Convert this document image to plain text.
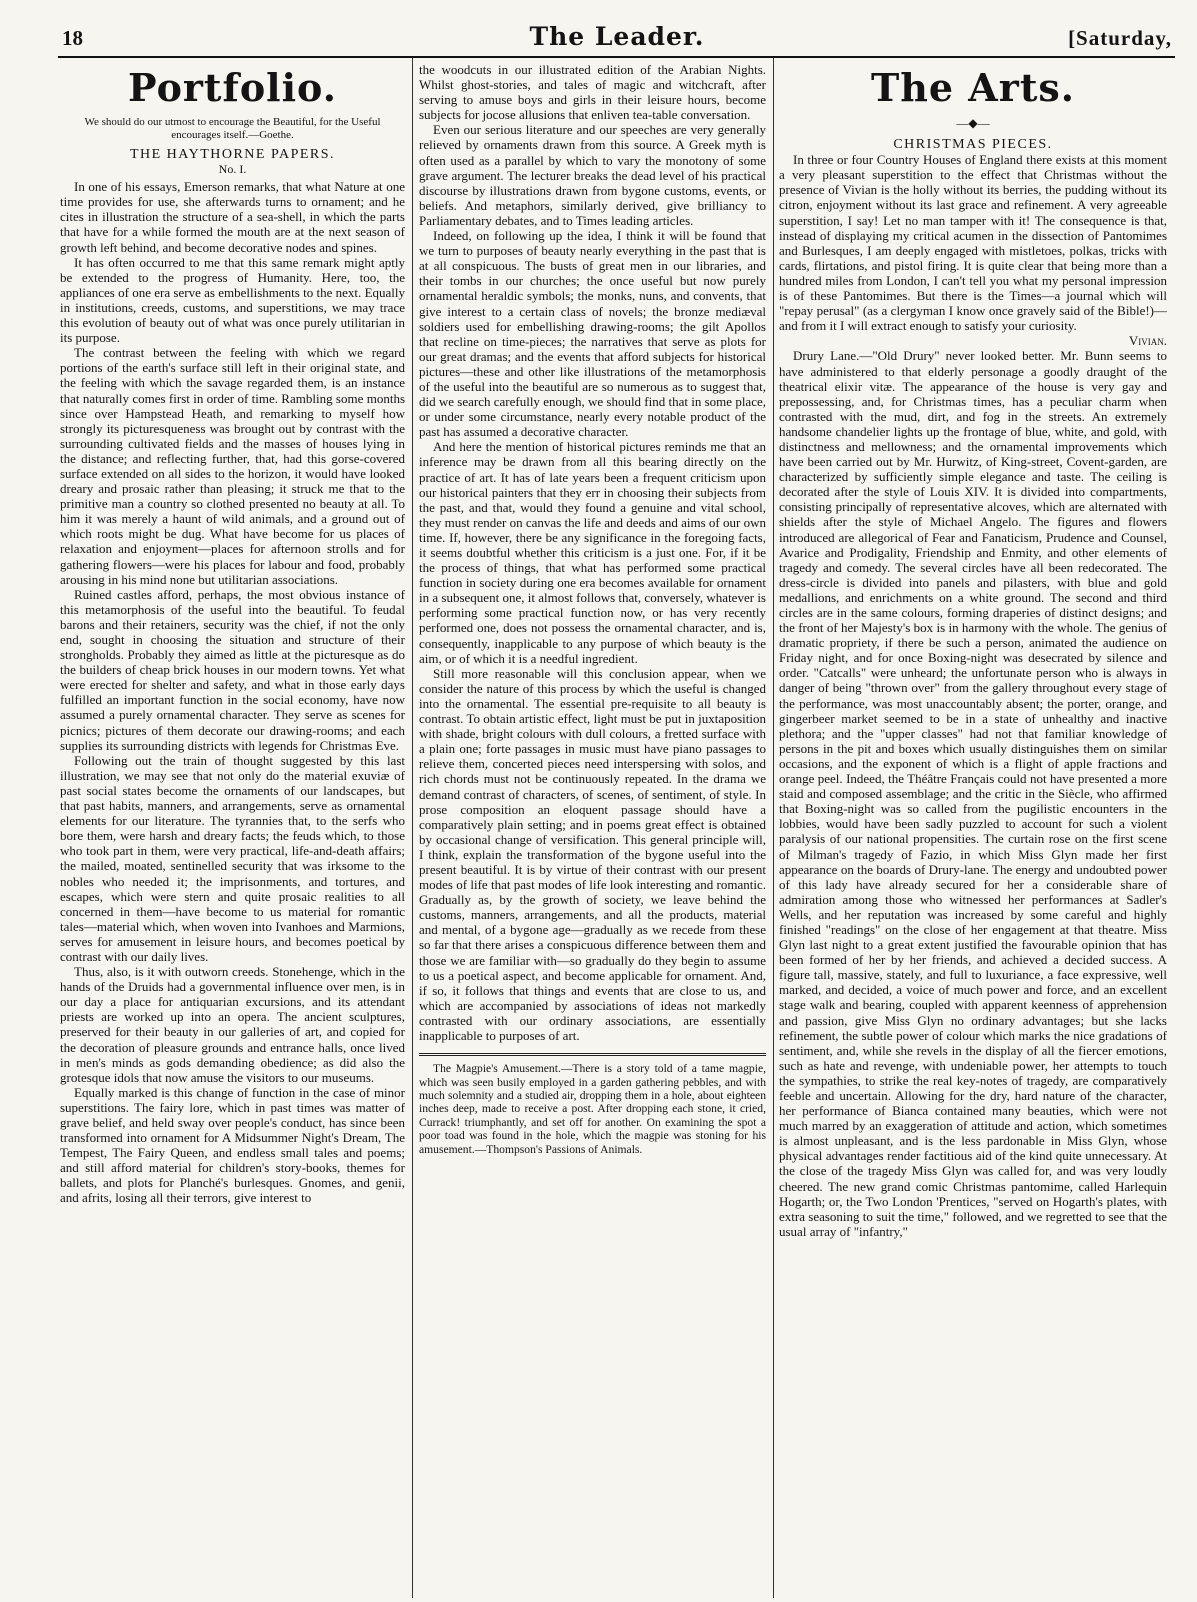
18	The Leader.	[Saturday,
Portfolio.
We should do our utmost to encourage the Beautiful, for the Useful encourages itself.—Goethe.
THE HAYTHORNE PAPERS.
No. I.

In one of his essays, Emerson remarks, that what Nature at one time provides for use, she afterwards turns to ornament; and he cites in illustration the structure of a sea-shell, in which the parts that have for a while formed the mouth are at the next season of growth left behind, and become decorative nodes and spines.

It has often occurred to me that this same remark might aptly be extended to the progress of Humanity. Here, too, the appliances of one era serve as embellishments to the next. Equally in institutions, creeds, customs, and superstitions, we may trace this evolution of beauty out of what was once purely utilitarian in its purpose.

The contrast between the feeling with which we regard portions of the earth's surface still left in their original state, and the feeling with which the savage regarded them, is an instance that naturally comes first in order of time. Rambling some months since over Hampstead Heath, and remarking to myself how strongly its picturesqueness was brought out by contrast with the surrounding cultivated fields and the masses of houses lying in the distance; and reflecting further, that, had this gorse-covered surface extended on all sides to the horizon, it would have looked dreary and prosaic rather than pleasing; it struck me that to the primitive man a country so clothed presented no beauty at all. To him it was merely a haunt of wild animals, and a ground out of which roots might be dug. What have become for us places of relaxation and enjoyment—places for afternoon strolls and for gathering flowers—were his places for labour and food, probably arousing in his mind none but utilitarian associations.

Ruined castles afford, perhaps, the most obvious instance of this metamorphosis of the useful into the beautiful. To feudal barons and their retainers, security was the chief, if not the only end, sought in choosing the situation and structure of their strongholds. Probably they aimed as little at the picturesque as do the builders of cheap brick houses in our modern towns. Yet what were erected for shelter and safety, and what in those early days fulfilled an important function in the social economy, have now assumed a purely ornamental character. They serve as scenes for picnics; pictures of them decorate our drawing-rooms; and each supplies its surrounding districts with legends for Christmas Eve.

Following out the train of thought suggested by this last illustration, we may see that not only do the material exuviæ of past social states become the ornaments of our landscapes, but that past habits, manners, and arrangements, serve as ornamental elements for our literature. The tyrannies that, to the serfs who bore them, were harsh and dreary facts; the feuds which, to those who took part in them, were very practical, life-and-death affairs; the mailed, moated, sentinelled security that was irksome to the nobles who needed it; the imprisonments, and tortures, and escapes, which were stern and quite prosaic realities to all concerned in them—have become to us material for romantic tales—material which, when woven into Ivanhoes and Marmions, serves for amusement in leisure hours, and becomes poetical by contrast with our daily lives.

Thus, also, is it with outworn creeds. Stonehenge, which in the hands of the Druids had a governmental influence over men, is in our day a place for antiquarian excursions, and its attendant priests are worked up into an opera. The ancient sculptures, preserved for their beauty in our galleries of art, and copied for the decoration of pleasure grounds and entrance halls, once lived in men's minds as gods demanding obedience; as did also the grotesque idols that now amuse the visitors to our museums.

Equally marked is this change of function in the case of minor superstitions. The fairy lore, which in past times was matter of grave belief, and held sway over people's conduct, has since been transformed into ornament for A Midsummer Night's Dream, The Tempest, The Fairy Queen, and endless small tales and poems; and still afford material for children's story-books, themes for ballets, and plots for Planché's burlesques. Gnomes, and genii, and afrits, losing all their terrors, give interest to

the woodcuts in our illustrated edition of the Arabian Nights. Whilst ghost-stories, and tales of magic and witchcraft, after serving to amuse boys and girls in their leisure hours, become subjects for jocose allusions that enliven tea-table conversation.

Even our serious literature and our speeches are very generally relieved by ornaments drawn from this source. A Greek myth is often used as a parallel by which to vary the monotony of some grave argument. The lecturer breaks the dead level of his practical discourse by illustrations drawn from bygone customs, events, or beliefs. And metaphors, similarly derived, give brilliancy to Parliamentary debates, and to Times leading articles.

Indeed, on following up the idea, I think it will be found that we turn to purposes of beauty nearly everything in the past that is at all conspicuous. The busts of great men in our libraries, and their tombs in our churches; the once useful but now purely ornamental heraldic symbols; the monks, nuns, and convents, that give interest to a certain class of novels; the bronze mediæval soldiers used for embellishing drawing-rooms; the gilt Apollos that recline on time-pieces; the narratives that serve as plots for our great dramas; and the events that afford subjects for historical pictures—these and other like illustrations of the metamorphosis of the useful into the beautiful are so numerous as to suggest that, did we search carefully enough, we should find that in some place, or under some circumstance, nearly every notable product of the past has assumed a decorative character.

And here the mention of historical pictures reminds me that an inference may be drawn from all this bearing directly on the practice of art. It has of late years been a frequent criticism upon our historical painters that they err in choosing their subjects from the past, and that, would they found a genuine and vital school, they must render on canvas the life and deeds and aims of our own time. If, however, there be any significance in the foregoing facts, it seems doubtful whether this criticism is a just one. For, if it be the process of things, that what has performed some practical function in society during one era becomes available for ornament in a subsequent one, it almost follows that, conversely, whatever is performing some practical function now, or has very recently performed one, does not possess the ornamental character, and is, consequently, inapplicable to any purpose of which beauty is the aim, or of which it is a needful ingredient.

Still more reasonable will this conclusion appear, when we consider the nature of this process by which the useful is changed into the ornamental. The essential pre-requisite to all beauty is contrast. To obtain artistic effect, light must be put in juxtaposition with shade, bright colours with dull colours, a fretted surface with a plain one; forte passages in music must have piano passages to relieve them, concerted pieces need interspersing with solos, and rich chords must not be continuously repeated. In the drama we demand contrast of characters, of scenes, of sentiment, of style. In prose composition an eloquent passage should have a comparatively plain setting; and in poems great effect is obtained by occasional change of versification. This general principle will, I think, explain the transformation of the bygone useful into the present beautiful. It is by virtue of their contrast with our present modes of life that past modes of life look interesting and romantic. Gradually as, by the growth of society, we leave behind the customs, manners, arrangements, and all the products, material and mental, of a bygone age—gradually as we recede from these so far that there arises a conspicuous difference between them and those we are familiar with—so gradually do they begin to assume to us a poetical aspect, and become applicable for ornament. And, if so, it follows that things and events that are close to us, and which are accompanied by associations of ideas not markedly contrasted with our ordinary associations, are essentially inapplicable to purposes of art.

The Magpie's Amusement.—There is a story told of a tame magpie, which was seen busily employed in a garden gathering pebbles, and with much solemnity and a studied air, dropping them in a hole, about eighteen inches deep, made to receive a post. After dropping each stone, it cried, Currack! triumphantly, and set off for another. On examining the spot a poor toad was found in the hole, which the magpie was stoning for his amusement.—Thompson's Passions of Animals.

The Arts.
—◆—
CHRISTMAS PIECES.

In three or four Country Houses of England there exists at this moment a very pleasant superstition to the effect that Christmas without the presence of Vivian is the holly without its berries, the pudding without its citron, enjoyment without its last grace and refinement. A very agreeable superstition, I say! Let no man tamper with it! The consequence is that, instead of displaying my critical acumen in the dissection of Pantomimes and Burlesques, I am deeply engaged with mistletoes, polkas, tricks with cards, flirtations, and pistol firing. It is quite clear that being more than a hundred miles from London, I can't tell you what my personal impression is of these Pantomimes. But there is the Times—a journal which will "repay perusal" (as a clergyman I know once gravely said of the Bible!)—and from it I will extract enough to satisfy your curiosity.

Vivian.

Drury Lane.—"Old Drury" never looked better. Mr. Bunn seems to have administered to that elderly personage a goodly draught of the theatrical elixir vitæ. The appearance of the house is very gay and prepossessing, and, for Christmas times, has a peculiar charm when contrasted with the mud, dirt, and fog in the streets. An extremely handsome chandelier lights up the frontage of blue, white, and gold, with distinctness and mellowness; and the ornamental improvements which have been carried out by Mr. Hurwitz, of King-street, Covent-garden, are characterized by sufficiently simple elegance and taste. The ceiling is decorated after the style of Louis XIV. It is divided into compartments, consisting principally of representative alcoves, which are alternated with shields after the style of Michael Angelo. The figures and flowers introduced are allegorical of Fear and Fanaticism, Prudence and Counsel, Avarice and Prodigality, Friendship and Enmity, and other elements of tragedy and comedy. The several circles have all been redecorated. The dress-circle is divided into panels and pilasters, with blue and gold medallions, and enrichments on a white ground. The second and third circles are in the same colours, forming draperies of distinct designs; and the front of her Majesty's box is in harmony with the whole. The genius of dramatic propriety, if there be such a person, animated the audience on Friday night, and for once Boxing-night was desecrated by silence and order. "Catcalls" were unheard; the unfortunate person who is always in danger of being "thrown over" from the gallery throughout every stage of the performance, was most unaccountably absent; the porter, orange, and gingerbeer market seemed to be in a state of unhealthy and inactive plethora; and the "upper classes" had not that familiar knowledge of persons in the pit and boxes which usually distinguishes them on similar occasions, and the exponent of which is a flight of apple fractions and orange peel. Indeed, the Théâtre Français could not have presented a more staid and composed assemblage; and the critic in the Siècle, who affirmed that Boxing-night was so called from the pugilistic encounters in the lobbies, would have been sadly puzzled to account for such a violent paralysis of our national propensities. The curtain rose on the first scene of Milman's tragedy of Fazio, in which Miss Glyn made her first appearance on the boards of Drury-lane. The energy and undoubted power of this lady have already secured for her a considerable share of admiration among those who witnessed her performances at Sadler's Wells, and her reputation was increased by some careful and highly finished "readings" on the close of her engagement at that theatre. Miss Glyn last night to a great extent justified the favourable opinion that has been formed of her by her friends, and achieved a decided success. A figure tall, massive, stately, and full to luxuriance, a face expressive, well marked, and decided, a voice of much power and force, and an excellent stage walk and bearing, coupled with apparent keenness of apprehension and passion, give Miss Glyn no ordinary advantages; but she lacks refinement, the subtle power of colour which marks the nice gradations of sentiment, and, while she revels in the display of all the fiercer emotions, such as hate and revenge, with undeniable power, her attempts to touch the sympathies, to strike the real key-notes of tragedy, are comparatively feeble and uncertain. Allowing for the dry, hard nature of the character, her performance of Bianca contained many beauties, which were not much marred by an exaggeration of attitude and action, which sometimes is almost unpleasant, and is the less pardonable in Miss Glyn, whose physical advantages render factitious aid of the kind quite unnecessary. At the close of the tragedy Miss Glyn was called for, and was very loudly cheered. The new grand comic Christmas pantomime, called Harlequin Hogarth; or, the Two London 'Prentices, "served on Hogarth's plates, with extra seasoning to suit the time," followed, and we regretted to see that the usual array of "infantry,"
